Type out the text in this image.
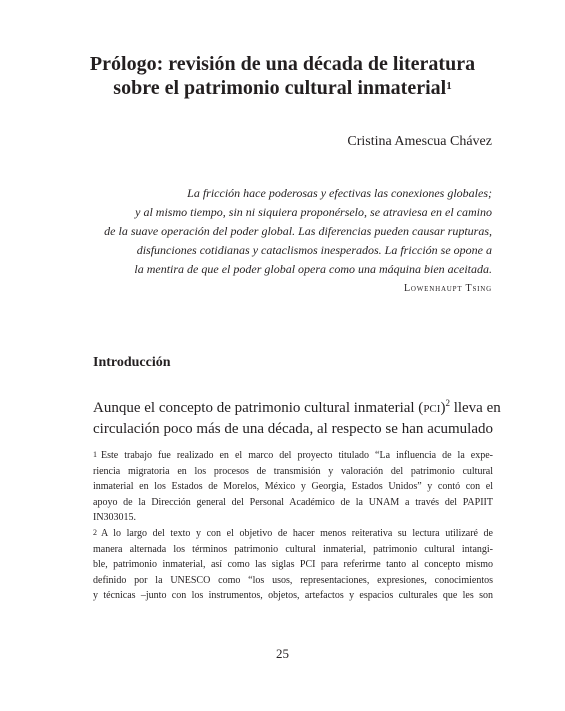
Prólogo: revisión de una década de literatura
sobre el patrimonio cultural inmaterial$^1$
Cristina Amescua Chávez
La fricción hace poderosas y efectivas las conexiones globales;
y al mismo tiempo, sin ni siquiera proponérselo, se atraviesa en el camino
de la suave operación del poder global. Las diferencias pueden causar rupturas,
disfunciones cotidianas y cataclismos inesperados. La fricción se opone a
la mentira de que el poder global opera como una máquina bien aceitada.
Lowenhaupt Tsing
Introducción
Aunque el concepto de patrimonio cultural inmaterial (pci)$^2$ lleva en
circulación poco más de una década, al respecto se han acumulado
$^1$ Este trabajo fue realizado en el marco del proyecto titulado “La influencia de la expe-
riencia migratoria en los procesos de transmisión y valoración del patrimonio cultural
inmaterial en los Estados de Morelos, México y Georgia, Estados Unidos” y contó con el
apoyo de la Dirección general del Personal Académico de la UNAM a través del PAPIIT
IN303015.
$^2$ A lo largo del texto y con el objetivo de hacer menos reiterativa su lectura utilizaré de
manera alternada los términos patrimonio cultural inmaterial, patrimonio cultural intangi-
ble, patrimonio inmaterial, así como las siglas PCI para referirme tanto al concepto mismo
definido por la UNESCO como “los usos, representaciones, expresiones, conocimientos
y técnicas –junto con los instrumentos, objetos, artefactos y espacios culturales que les son
25
